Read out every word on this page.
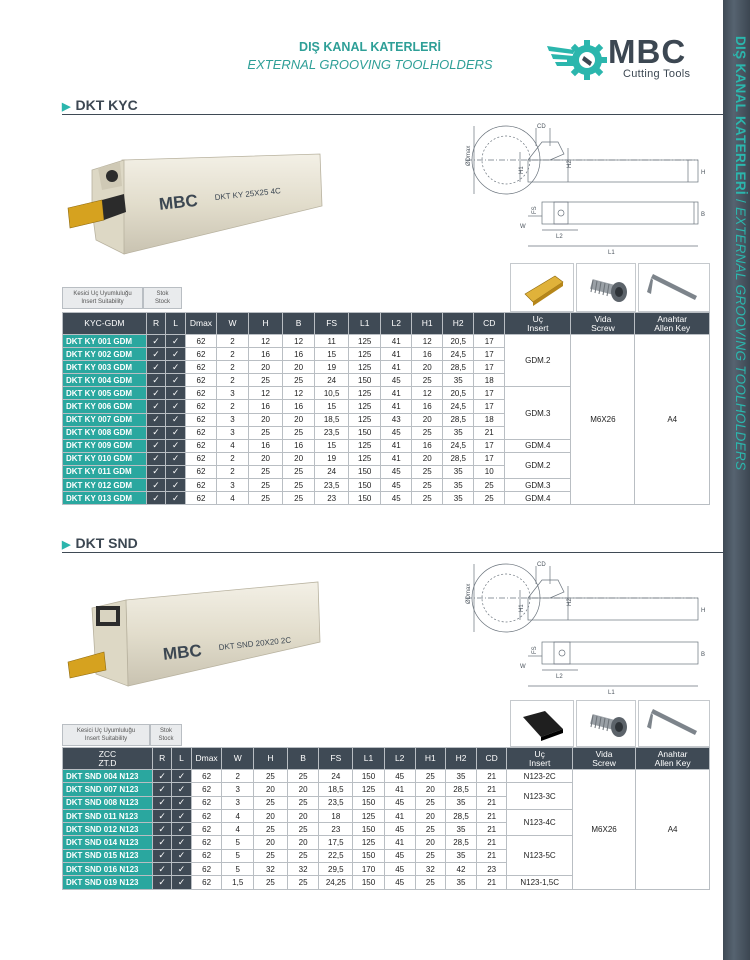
DIŞ KANAL KATERLERİ / EXTERNAL GROOVING TOOLHOLDERS
DIŞ KANAL KATERLERİ
EXTERNAL GROOVING TOOLHOLDERS	MBC
Cutting Tools
▶ DKT KYC
MBC DKT KY 25X25 4C
CD
ØDmax
H1
H2
H
W
FS
L2
L1
B
Kesici Uç Uyumluluğu
Insert Suitability
Stok
Stock
KYC-GDM	R	L	Dmax	W	H	B	FS	L1	L2	H1	H2	CD	Uç
Insert	Vida
Screw	Anahtar
Allen Key
DKT KY 001 GDM	✓	✓	62	2	12	12	11	125	41	12	20,5	17	GDM.2	M6X26	A4
DKT KY 002 GDM	✓	✓	62	2	16	16	15	125	41	16	24,5	17			
DKT KY 003 GDM	✓	✓	62	2	20	20	19	125	41	20	28,5	17			
DKT KY 004 GDM	✓	✓	62	2	25	25	24	150	45	25	35	18			
DKT KY 005 GDM	✓	✓	62	3	12	12	10,5	125	41	12	20,5	17	GDM.3		
DKT KY 006 GDM	✓	✓	62	2	16	16	15	125	41	16	24,5	17			
DKT KY 007 GDM	✓	✓	62	3	20	20	18,5	125	43	20	28,5	18			
DKT KY 008 GDM	✓	✓	62	3	25	25	23,5	150	45	25	35	21			
DKT KY 009 GDM	✓	✓	62	4	16	16	15	125	41	16	24,5	17	GDM.4		
DKT KY 010 GDM	✓	✓	62	2	20	20	19	125	41	20	28,5	17	GDM.2		
DKT KY 011 GDM	✓	✓	62	2	25	25	24	150	45	25	35	10			
DKT KY 012 GDM	✓	✓	62	3	25	25	23,5	150	45	25	35	25	GDM.3		
DKT KY 013 GDM	✓	✓	62	4	25	25	23	150	45	25	35	25	GDM.4		
▶ DKT SND
MBC DKT SND 20X20 2C
CD
ØDmax
H1
H2
H
W
FS
L2
L1
B
Kesici Uç Uyumluluğu
Insert Suitability
Stok
Stock
ZCC
ZT.D	R	L	Dmax	W	H	B	FS	L1	L2	H1	H2	CD	Uç
Insert	Vida
Screw	Anahtar
Allen Key
DKT SND 004 N123	✓	✓	62	2	25	25	24	150	45	25	35	21	N123-2C	M6X26	A4
DKT SND 007 N123	✓	✓	62	3	20	20	18,5	125	41	20	28,5	21	N123-3C		
DKT SND 008 N123	✓	✓	62	3	25	25	23,5	150	45	25	35	21			
DKT SND 011 N123	✓	✓	62	4	20	20	18	125	41	20	28,5	21	N123-4C		
DKT SND 012 N123	✓	✓	62	4	25	25	23	150	45	25	35	21			
DKT SND 014 N123	✓	✓	62	5	20	20	17,5	125	41	20	28,5	21	N123-5C		
DKT SND 015 N123	✓	✓	62	5	25	25	22,5	150	45	25	35	21			
DKT SND 016 N123	✓	✓	62	5	32	32	29,5	170	45	32	42	23			
DKT SND 019 N123	✓	✓	62	1,5	25	25	24,25	150	45	25	35	21	N123-1,5C		
